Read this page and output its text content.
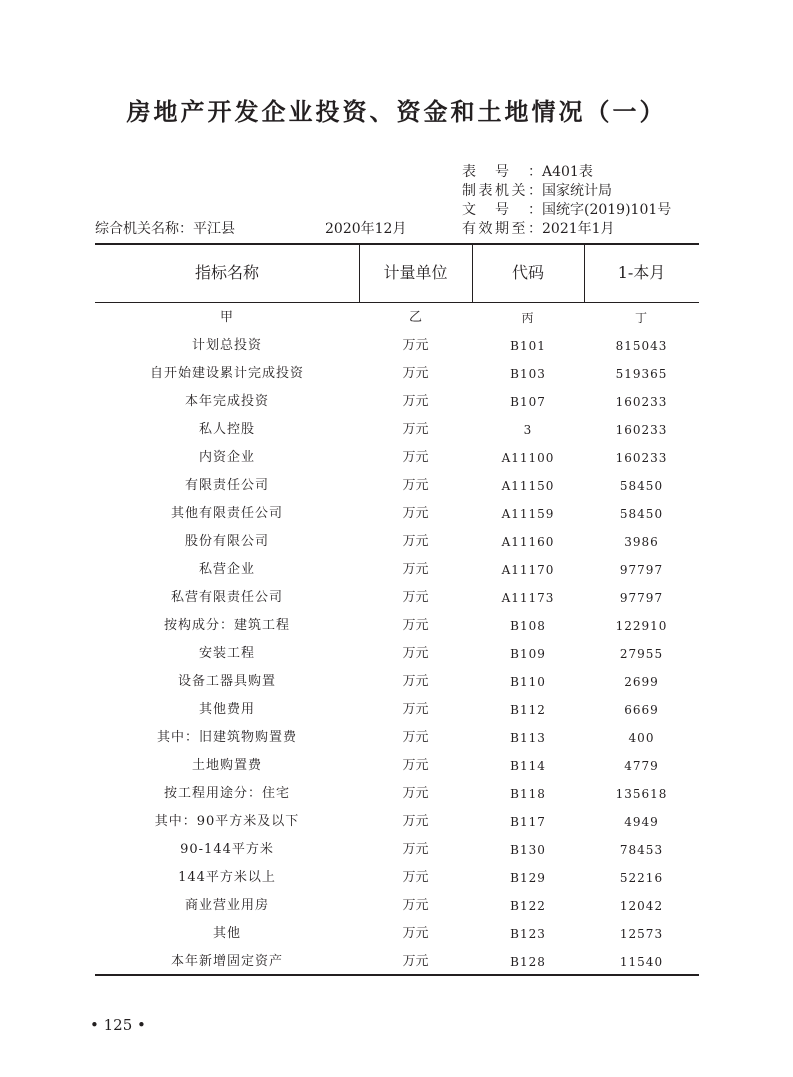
房地产开发企业投资、资金和土地情况（一）
表号：A401表
制表机关：国家统计局
文号：国统字(2019)101号
有效期至：2021年1月
综合机关名称：平江县	2020年12月
指标名称	计量单位	代码	1-本月
甲	乙	丙	丁
计划总投资	万元	B101	815043
自开始建设累计完成投资	万元	B103	519365
本年完成投资	万元	B107	160233
私人控股	万元	3	160233
内资企业	万元	A11100	160233
有限责任公司	万元	A11150	58450
其他有限责任公司	万元	A11159	58450
股份有限公司	万元	A11160	3986
私营企业	万元	A11170	97797
私营有限责任公司	万元	A11173	97797
按构成分：建筑工程	万元	B108	122910
安装工程	万元	B109	27955
设备工器具购置	万元	B110	2699
其他费用	万元	B112	6669
其中：旧建筑物购置费	万元	B113	400
土地购置费	万元	B114	4779
按工程用途分：住宅	万元	B118	135618
其中：90平方米及以下	万元	B117	4949
90-144平方米	万元	B130	78453
144平方米以上	万元	B129	52216
商业营业用房	万元	B122	12042
其他	万元	B123	12573
本年新增固定资产	万元	B128	11540
• 125 •
